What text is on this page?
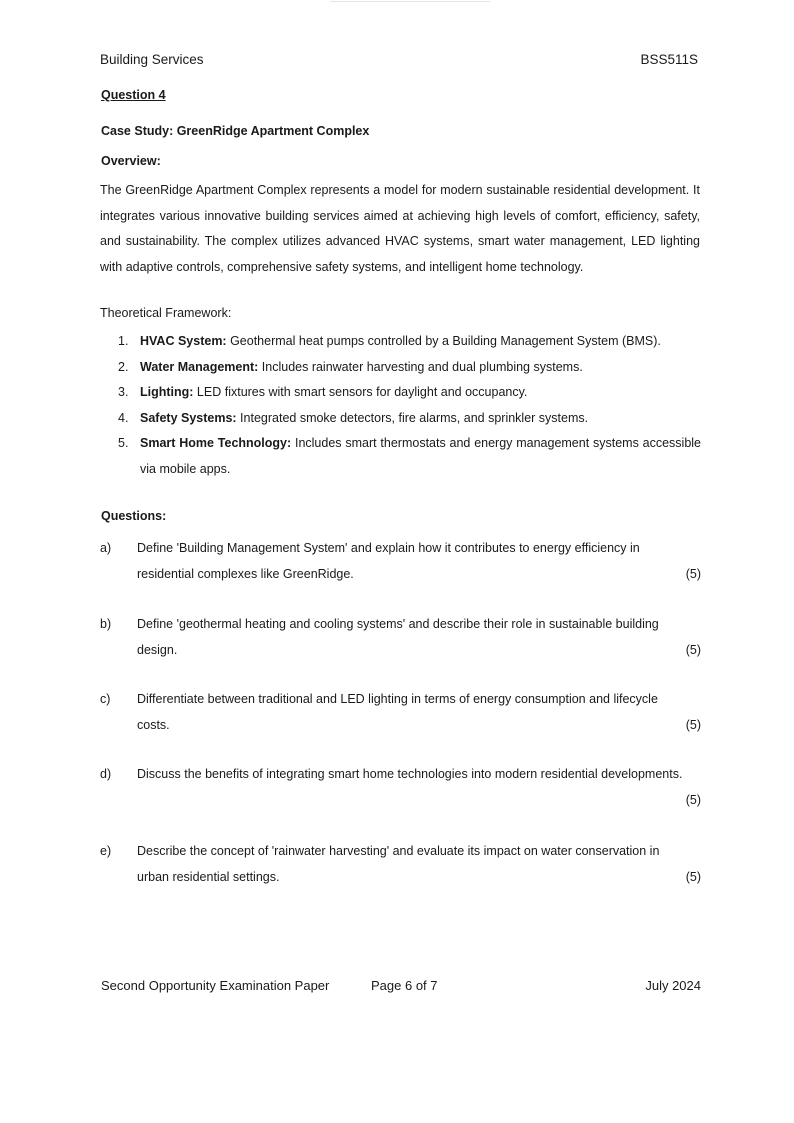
Building Services	BSS511S
Question 4
Case Study: GreenRidge Apartment Complex
Overview:
The GreenRidge Apartment Complex represents a model for modern sustainable residential development. It integrates various innovative building services aimed at achieving high levels of comfort, efficiency, safety, and sustainability. The complex utilizes advanced HVAC systems, smart water management, LED lighting with adaptive controls, comprehensive safety systems, and intelligent home technology.
Theoretical Framework:
1. HVAC System: Geothermal heat pumps controlled by a Building Management System (BMS).
2. Water Management: Includes rainwater harvesting and dual plumbing systems.
3. Lighting: LED fixtures with smart sensors for daylight and occupancy.
4. Safety Systems: Integrated smoke detectors, fire alarms, and sprinkler systems.
5. Smart Home Technology: Includes smart thermostats and energy management systems accessible via mobile apps.
Questions:
a) Define 'Building Management System' and explain how it contributes to energy efficiency in
residential complexes like GreenRidge.	(5)
b) Define 'geothermal heating and cooling systems' and describe their role in sustainable building
design.	(5)
c) Differentiate between traditional and LED lighting in terms of energy consumption and lifecycle
costs.	(5)
d) Discuss the benefits of integrating smart home technologies into modern residential developments.
(5)
e) Describe the concept of 'rainwater harvesting' and evaluate its impact on water conservation in
urban residential settings.	(5)
Second Opportunity Examination Paper	Page 6 of 7	July 2024
